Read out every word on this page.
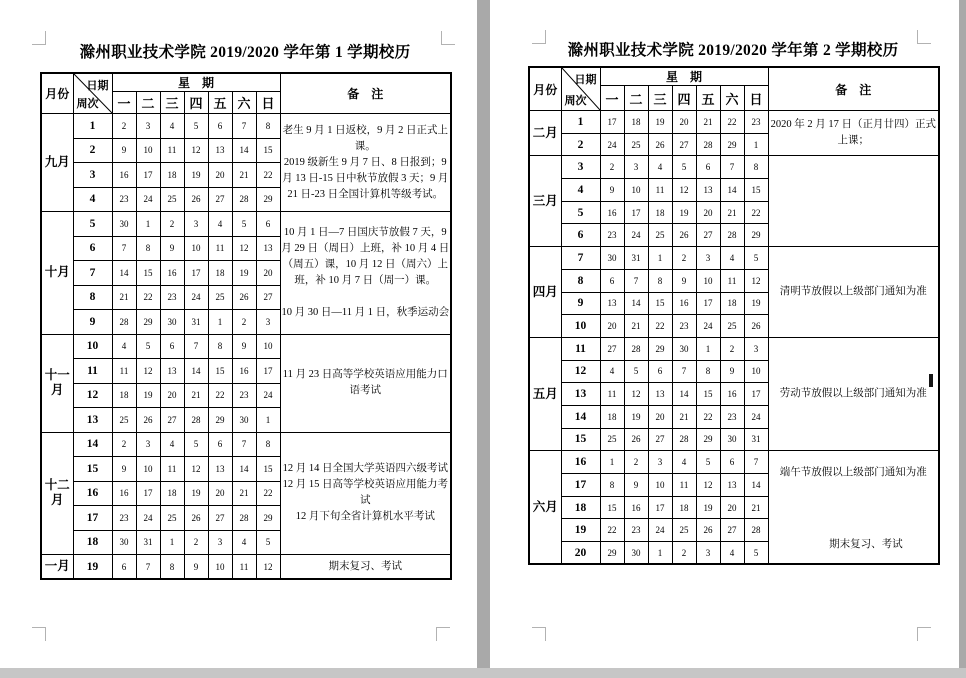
滁州职业技术学院 2019/2020 学年第 1 学期校历
月份	日期
周次	星　期							备　注
		一	二	三	四	五	六	日	
九月	1	2	3	4	5	6	7	8	老生 9 月 1 日返校，9 月 2 日正式上课。

2019 级新生 9 月 7 日、8 日报到；9 月 13 日-15 日中秋节放假 3 天；9 月 21 日-23 日全国计算机等级考试。

	2	9	10	11	12	13	14	15	
	3	16	17	18	19	20	21	22	
	4	23	24	25	26	27	28	29	
十月	5	30	1	2	3	4	5	6	10 月 1 日—7 日国庆节放假 7 天，9 月 29 日（周日）上班，补 10 月 4 日（周五）课，10 月 12 日（周六）上班，补 10 月 7 日（周一）课。

10 月 30 日—11 月 1 日，秋季运动会

	6	7	8	9	10	11	12	13	
	7	14	15	16	17	18	19	20	
	8	21	22	23	24	25	26	27	
	9	28	29	30	31	1	2	3	
十一月	10	4	5	6	7	8	9	10	11 月 23 日高等学校英语应用能力口语考试

	11	11	12	13	14	15	16	17	
	12	18	19	20	21	22	23	24	
	13	25	26	27	28	29	30	1	
十二月	14	2	3	4	5	6	7	8	12 月 14 日全国大学英语四六级考试

12 月 15 日高等学校英语应用能力考试

12 月下旬全省计算机水平考试

	15	9	10	11	12	13	14	15	
	16	16	17	18	19	20	21	22	
	17	23	24	25	26	27	28	29	
	18	30	31	1	2	3	4	5	
一月	19	6	7	8	9	10	11	12	期末复习、考试

滁州职业技术学院 2019/2020 学年第 2 学期校历
月份	日期
周次	星　期							备　注
		一	二	三	四	五	六	日	
二月	1	17	18	19	20	21	22	23	2020 年 2 月 17 日（正月廿四）正式上课；

	2	24	25	26	27	28	29	1	
三月	3	2	3	4	5	6	7	8	
	4	9	10	11	12	13	14	15	
	5	16	17	18	19	20	21	22	
	6	23	24	25	26	27	28	29	
四月	7	30	31	1	2	3	4	5	清明节放假以上级部门通知为准

	8	6	7	8	9	10	11	12	
	9	13	14	15	16	17	18	19	
	10	20	21	22	23	24	25	26	
五月	11	27	28	29	30	1	2	3	劳动节放假以上级部门通知为准

	12	4	5	6	7	8	9	10	
	13	11	12	13	14	15	16	17	
	14	18	19	20	21	22	23	24	
	15	25	26	27	28	29	30	31	
六月	16	1	2	3	4	5	6	7	端午节放假以上级部门通知为准

期末复习、考试

	17	8	9	10	11	12	13	14	
	18	15	16	17	18	19	20	21	
	19	22	23	24	25	26	27	28	
	20	29	30	1	2	3	4	5	
